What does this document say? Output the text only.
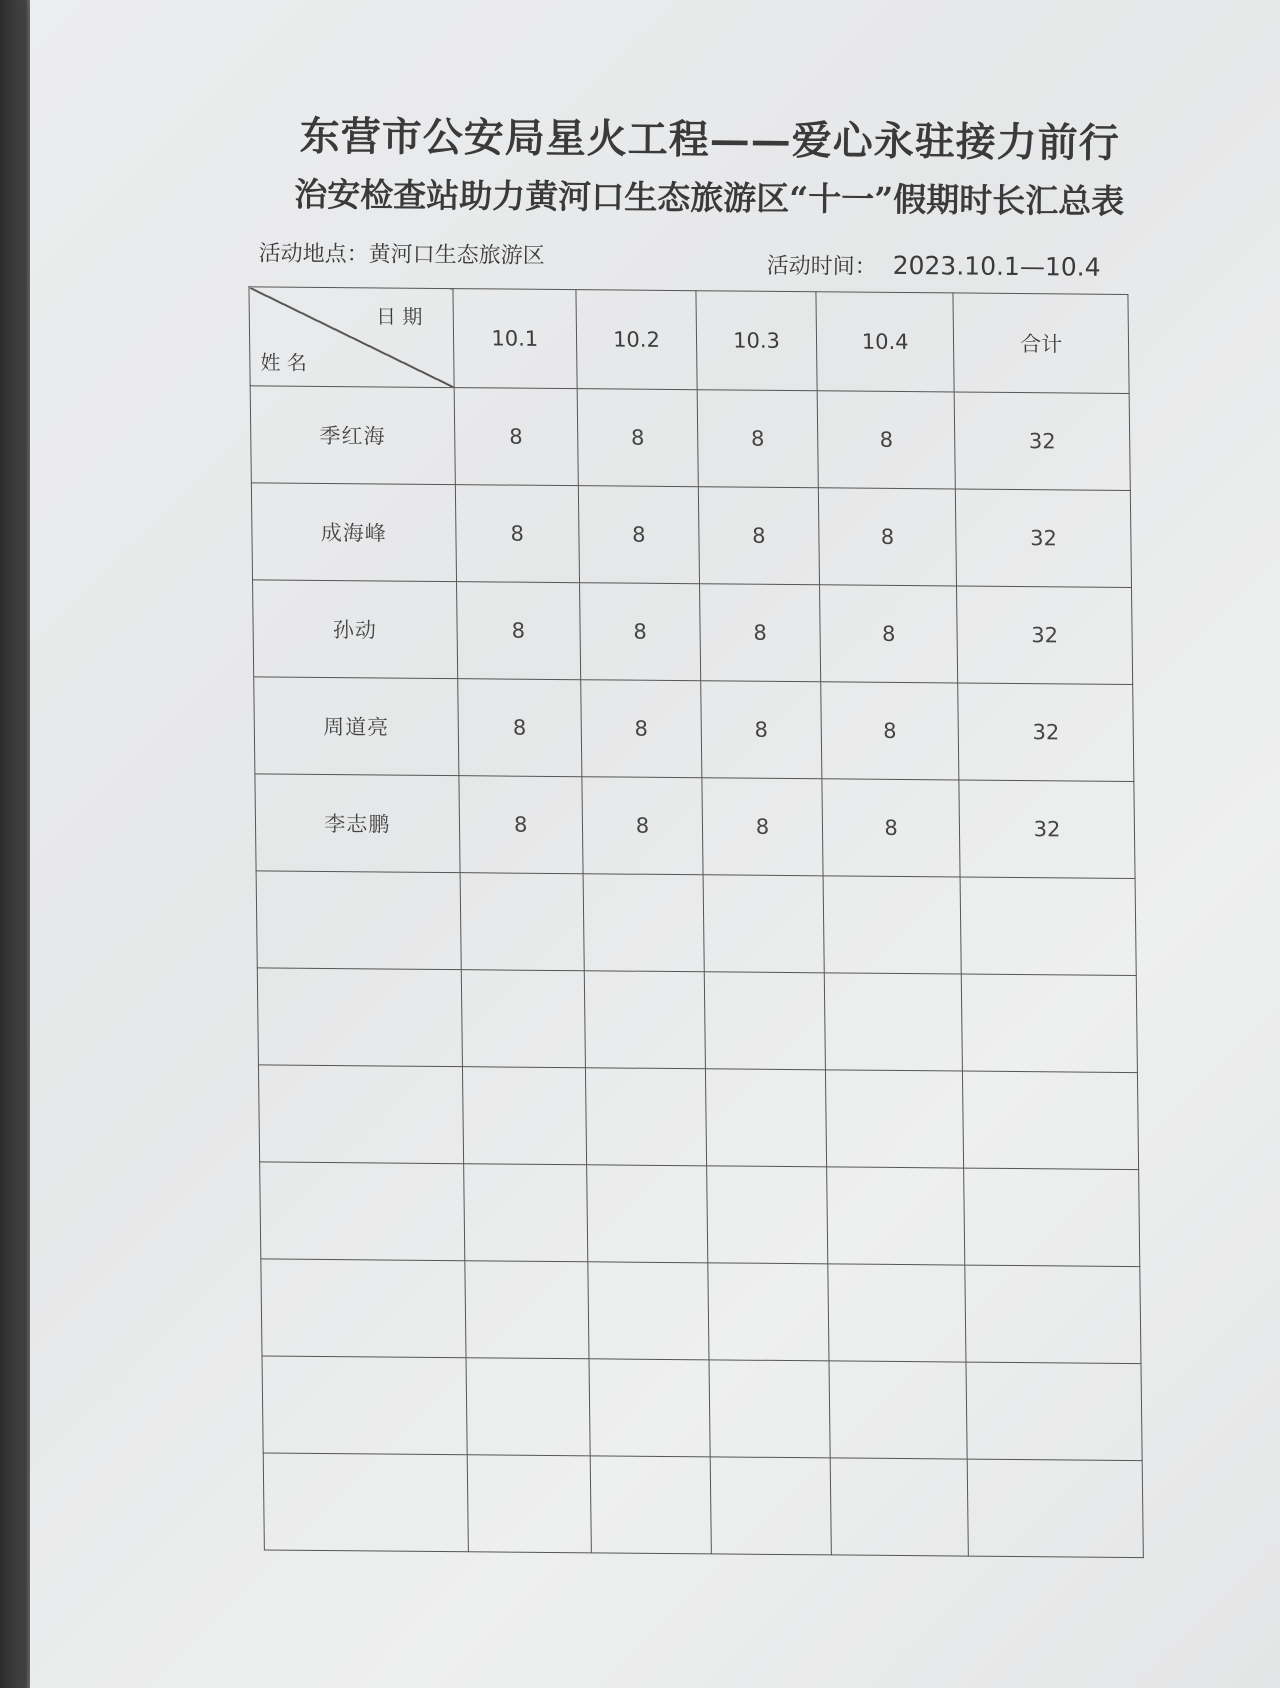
东营市公安局星火工程——爱心永驻接力前行
治安检查站助力黄河口生态旅游区“十一”假期时长汇总表
活动地点：黄河口生态旅游区	活动时间： 2023.10.1—10.4
日 期
姓 名	10.1	10.2	10.3	10.4	合计
季红海	8	8	8	8	32
成海峰	8	8	8	8	32
孙动	8	8	8	8	32
周道亮	8	8	8	8	32
李志鹏	8	8	8	8	32
